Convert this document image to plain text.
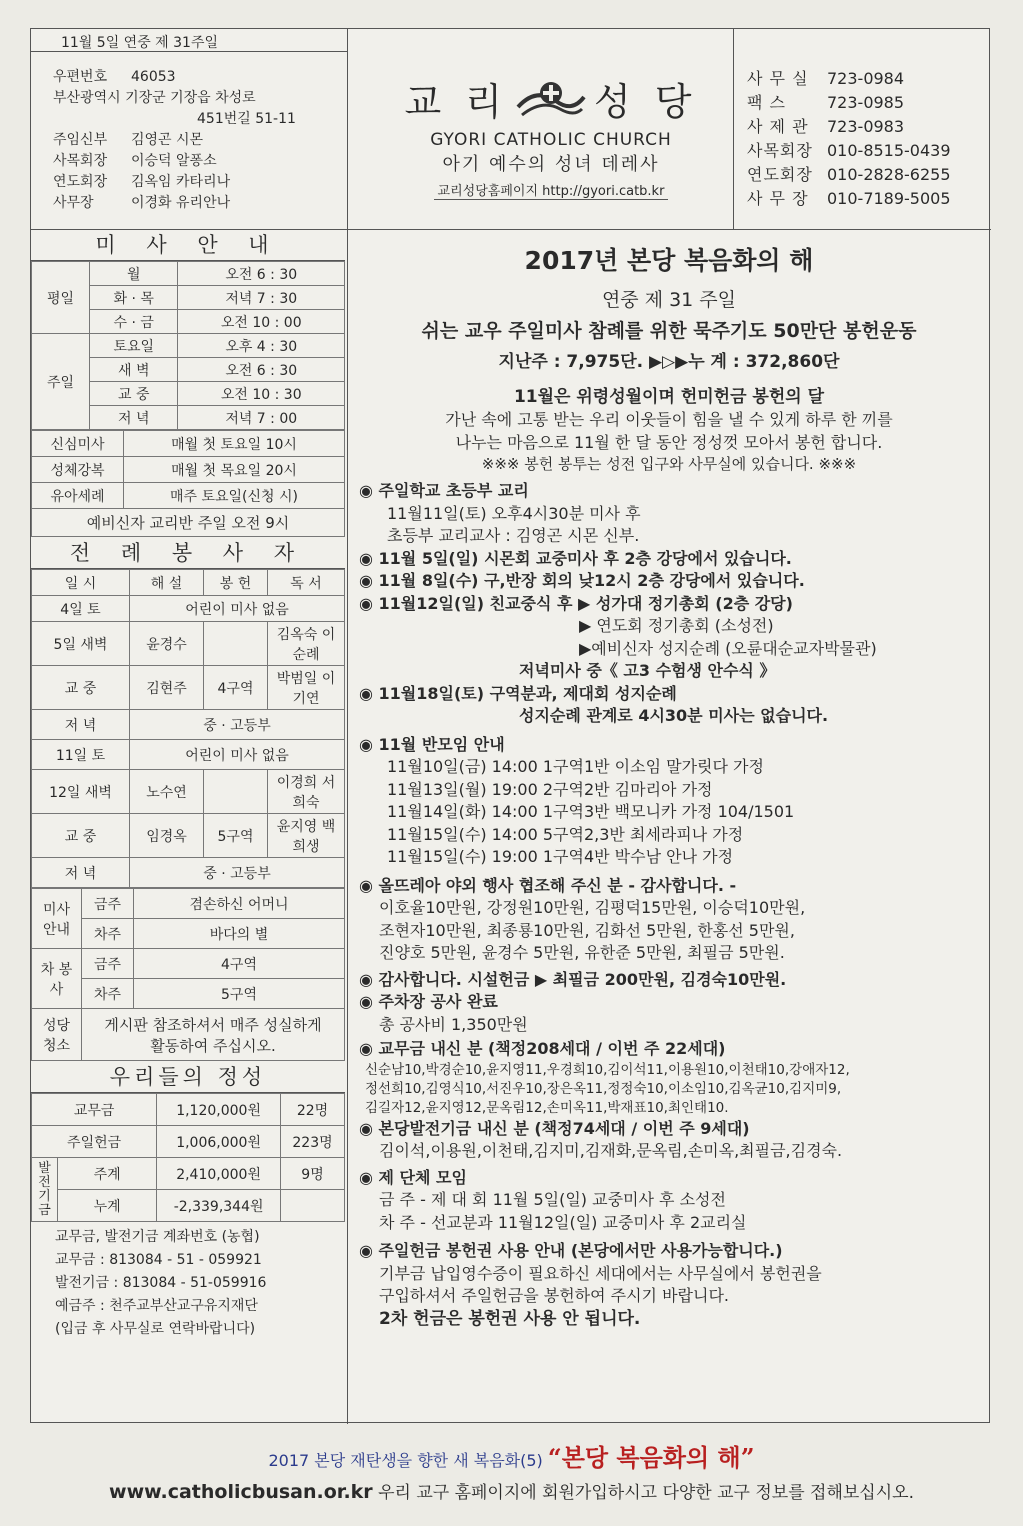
11월 5일 연중 제 31주일
우편번호 46053
부산광역시 기장군 기장읍 차성로
451번길 51-11
주임신부 김영곤 시몬
사목회장 이승덕 알퐁소
연도회장 김옥임 카타리나
사무장	이경화 유리안나
교 리 성 당
GYORI CATHOLIC CHURCH
아기 예수의 성녀 데레사
교리성당홈페이지 http://gyori.catb.kr
사 무 실 723-0984
팩 스	723-0985
사 제 관 723-0983
사목회장 010-8515-0439
연도회장 010-2828-6255
사 무 장 010-7189-5005
미 사 안 내
평일	월	오전 6 : 30
	화 · 목	저녁 7 : 30
	수 · 금	오전 10 : 00
주일	토요일	오후 4 : 30
	새 벽	오전 6 : 30
	교 중	오전 10 : 30
	저 녁	저녁 7 : 00
신심미사	매월 첫 토요일 10시
성체강복	매월 첫 목요일 20시
유아세례	매주 토요일(신청 시)
예비신자 교리반 주일 오전 9시	
전 례 봉 사 자
일 시	해 설	봉 헌	독 서
4일 토	어린이 미사 없음		
5일 새벽	윤경수		김옥숙 이순례
교 중	김현주	4구역	박범일 이기연
저 녁	중 · 고등부		
11일 토	어린이 미사 없음		
12일 새벽	노수연		이경희 서희숙
교 중	임경옥	5구역	윤지영 백희생
저 녁	중 · 고등부		
미사 안내	금주	겸손하신 어머니
	차주	바다의 별
차 봉사	금주	4구역
	차주	5구역
성당 청소	게시판 참조하셔서 매주 성실하게 활동하여 주십시오.	
우리들의 정성
교무금		1,120,000원	22명
주일헌금		1,006,000원	223명
발전기금	주계	2,410,000원	9명
	누계	-2,339,344원	
교무금, 발전기금 계좌번호 (농협)
교무금 : 813084 - 51 - 059921
발전기금 : 813084 - 51-059916
예금주 : 천주교부산교구유지재단
(입금 후 사무실로 연락바랍니다)
2017년 본당 복음화의 해
연중 제 31 주일
쉬는 교우 주일미사 참례를 위한 묵주기도 50만단 봉헌운동
지난주 : 7,975단. ▶▷▶누 계 : 372,860단
11월은 위령성월이며 헌미헌금 봉헌의 달
가난 속에 고통 받는 우리 이웃들이 힘을 낼 수 있게 하루 한 끼를
나누는 마음으로 11월 한 달 동안 정성껏 모아서 봉헌 합니다.
※※※ 봉헌 봉투는 성전 입구와 사무실에 있습니다. ※※※
◉ 주일학교 초등부 교리
11월11일(토) 오후4시30분 미사 후
초등부 교리교사 : 김영곤 시몬 신부.
◉ 11월 5일(일) 시몬회 교중미사 후 2층 강당에서 있습니다.
◉ 11월 8일(수) 구,반장 회의 낮12시 2층 강당에서 있습니다.
◉ 11월12일(일) 친교중식 후 ▶ 성가대 정기총회 (2층 강당)
▶ 연도회 정기총회 (소성전)
▶예비신자 성지순례 (오륜대순교자박물관)
저녁미사 중《 고3 수험생 안수식 》
◉ 11월18일(토) 구역분과, 제대회 성지순례
성지순례 관계로 4시30분 미사는 없습니다.
◉ 11월 반모임 안내
11월10일(금) 14:00 1구역1반 이소임 말가릿다 가정
11월13일(월) 19:00 2구역2반 김마리아 가정
11월14일(화) 14:00 1구역3반 백모니카 가정 104/1501
11월15일(수) 14:00 5구역2,3반 최세라피나 가정
11월15일(수) 19:00 1구역4반 박수남 안나 가정
◉ 올뜨레아 야외 행사 협조해 주신 분 - 감사합니다. -
이호율10만원, 강정원10만원, 김평덕15만원, 이승덕10만원,
조현자10만원, 최종룡10만원, 김화선 5만원, 한홍선 5만원,
진양호 5만원, 윤경수 5만원, 유한준 5만원, 최필금 5만원.
◉ 감사합니다. 시설헌금 ▶ 최필금 200만원, 김경숙10만원.
◉ 주차장 공사 완료
총 공사비 1,350만원
◉ 교무금 내신 분 (책정208세대 / 이번 주 22세대)
신순남10,박경순10,윤지영11,우경희10,김이석11,이용원10,이천태10,강애자12,
정선희10,김영식10,서진우10,장은옥11,정정숙10,이소임10,김옥균10,김지미9,
김길자12,윤지영12,문옥림12,손미옥11,박재표10,최인태10.
◉ 본당발전기금 내신 분 (책정74세대 / 이번 주 9세대)
김이석,이용원,이천태,김지미,김재화,문옥림,손미옥,최필금,김경숙.
◉ 제 단체 모임
금 주 - 제 대 회 11월 5일(일) 교중미사 후 소성전
차 주 - 선교분과 11월12일(일) 교중미사 후 2교리실
◉ 주일헌금 봉헌권 사용 안내 (본당에서만 사용가능합니다.)
기부금 납입영수증이 필요하신 세대에서는 사무실에서 봉헌권을
구입하셔서 주일헌금을 봉헌하여 주시기 바랍니다.
2차 헌금은 봉헌권 사용 안 됩니다.
2017 본당 재탄생을 향한 새 복음화(5) “본당 복음화의 해”
www.catholicbusan.or.kr 우리 교구 홈페이지에 회원가입하시고 다양한 교구 정보를 접해보십시오.
